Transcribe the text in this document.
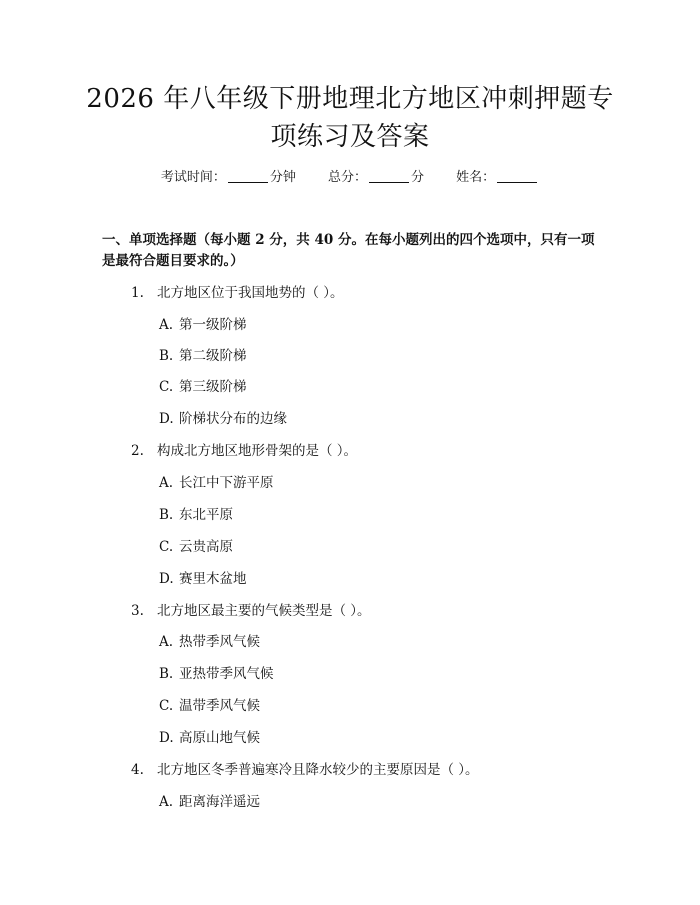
2026 年八年级下册地理北方地区冲刺押题专
项练习及答案
考试时间：	分钟 总分：	分 姓名：
一、单项选择题（每小题 2 分，共 40 分。在每小题列出的四个选项中，只有一项
是最符合题目要求的。）
1. 北方地区位于我国地势的（ ）。
A. 第一级阶梯
B. 第二级阶梯
C. 第三级阶梯
D. 阶梯状分布的边缘
2. 构成北方地区地形骨架的是（ ）。
A. 长江中下游平原
B. 东北平原
C. 云贵高原
D. 赛里木盆地
3. 北方地区最主要的气候类型是（ ）。
A. 热带季风气候
B. 亚热带季风气候
C. 温带季风气候
D. 高原山地气候
4. 北方地区冬季普遍寒冷且降水较少的主要原因是（ ）。
A. 距离海洋遥远
